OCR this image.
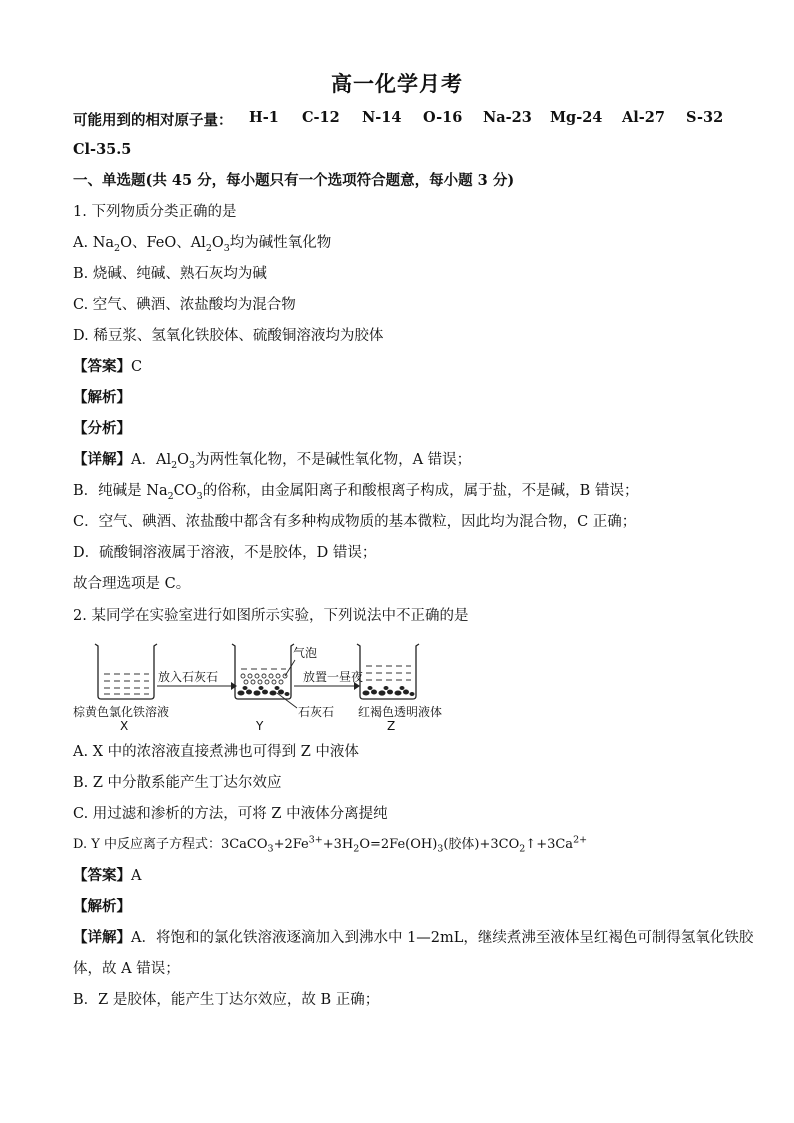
高一化学月考
可能用到的相对原子量： H-1 C-12 N-14 O-16 Na-23 Mg-24 Al-27 S-32
Cl-35.5
一、单选题(共 45 分，每小题只有一个选项符合题意，每小题 3 分)
1. 下列物质分类正确的是
A. $Na_2O$、FeO、$Al_2O_3$均为碱性氧化物
B. 烧碱、纯碱、熟石灰均为碱
C. 空气、碘酒、浓盐酸均为混合物
D. 稀豆浆、氢氧化铁胶体、硫酸铜溶液均为胶体
【答案】C
【解析】
【分析】
【详解】A．$Al_2O_3$为两性氧化物，不是碱性氧化物，A 错误；
B．纯碱是 $Na_2CO_3$的俗称，由金属阳离子和酸根离子构成，属于盐，不是碱，B 错误；
C．空气、碘酒、浓盐酸中都含有多种构成物质的基本微粒，因此均为混合物，C 正确；
D．硫酸铜溶液属于溶液，不是胶体，D 错误；
故合理选项是 C。
2. 某同学在实验室进行如图所示实验，下列说法中不正确的是
放入石灰石
气泡
放置一昼夜
棕黄色氯化铁溶液	石灰石 红褐色透明液体
X	Y	Z
A. X 中的浓溶液直接煮沸也可得到 Z 中液体
B. Z 中分散系能产生丁达尔效应
C. 用过滤和渗析的方法，可将 Z 中液体分离提纯
D. Y 中反应离子方程式：$3CaCO_3+2Fe^{3+}+3H_2O=2Fe(OH)_3$(胶体)$+3CO_2↑+3Ca^{2+}$
【答案】A
【解析】
【详解】A．将饱和的氯化铁溶液逐滴加入到沸水中 1—2mL，继续煮沸至液体呈红褐色可制得氢氧化铁胶
体，故 A 错误；
B．Z 是胶体，能产生丁达尔效应，故 B 正确；
